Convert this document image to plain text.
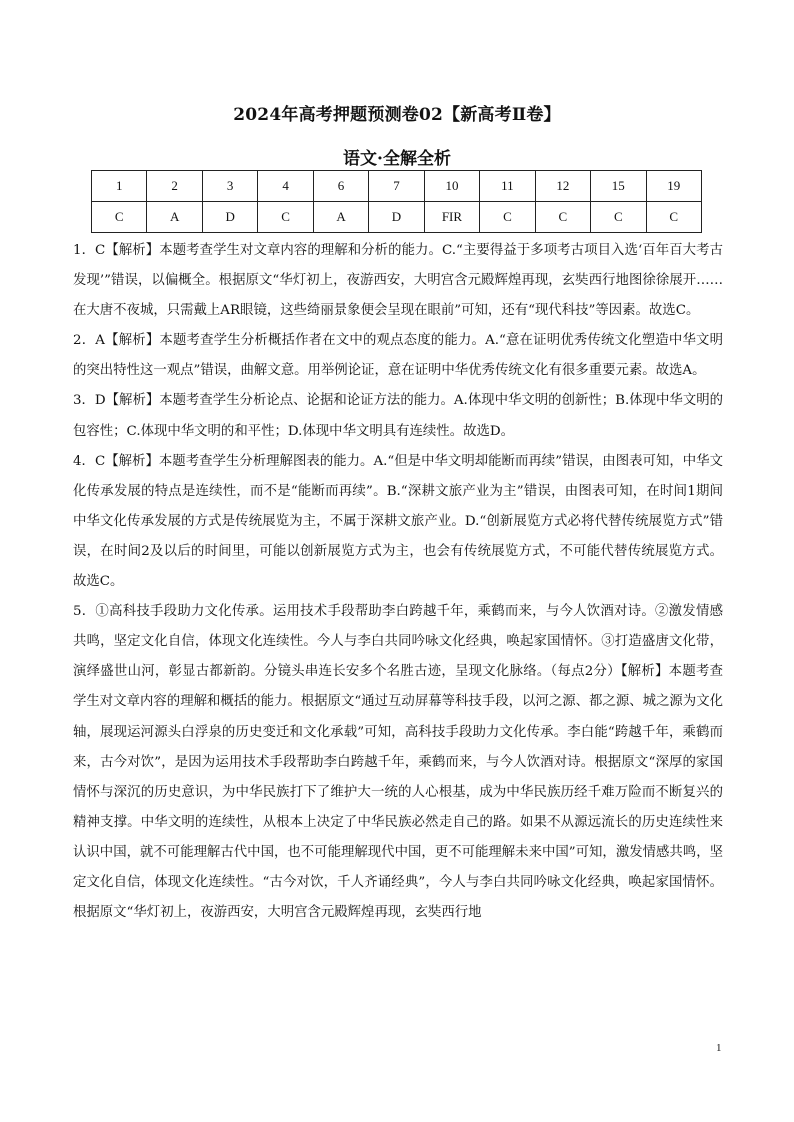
2024年高考押题预测卷02【新高考Ⅱ卷】
语文·全解全析
1	2	3	4	6	7	10	11	12	15	19
C	A	D	C	A	D	FIR	C	C	C	C

1．C【解析】本题考查学生对文章内容的理解和分析的能力。C.“主要得益于多项考古项目入选‘百年百大考古发现’”错误，以偏概全。根据原文“华灯初上，夜游西安，大明宫含元殿辉煌再现，玄奘西行地图徐徐展开……在大唐不夜城，只需戴上AR眼镜，这些绮丽景象便会呈现在眼前”可知，还有“现代科技”等因素。故选C。

2．A【解析】本题考查学生分析概括作者在文中的观点态度的能力。A.“意在证明优秀传统文化塑造中华文明的突出特性这一观点”错误，曲解文意。用举例论证，意在证明中华优秀传统文化有很多重要元素。故选A。

3．D【解析】本题考查学生分析论点、论据和论证方法的能力。A.体现中华文明的创新性；B.体现中华文明的包容性；C.体现中华文明的和平性；D.体现中华文明具有连续性。故选D。

4．C【解析】本题考查学生分析理解图表的能力。A.“但是中华文明却能断而再续”错误，由图表可知，中华文化传承发展的特点是连续性，而不是“能断而再续”。B.“深耕文旅产业为主”错误，由图表可知，在时间1期间中华文化传承发展的方式是传统展览为主，不属于深耕文旅产业。D.“创新展览方式必将代替传统展览方式”错误，在时间2及以后的时间里，可能以创新展览方式为主，也会有传统展览方式，不可能代替传统展览方式。故选C。

5．①高科技手段助力文化传承。运用技术手段帮助李白跨越千年，乘鹤而来，与今人饮酒对诗。②激发情感共鸣，坚定文化自信，体现文化连续性。今人与李白共同吟咏文化经典，唤起家国情怀。③打造盛唐文化带，演绎盛世山河，彰显古都新韵。分镜头串连长安多个名胜古迹，呈现文化脉络。（每点2分）【解析】本题考查学生对文章内容的理解和概括的能力。根据原文“通过互动屏幕等科技手段，以河之源、都之源、城之源为文化轴，展现运河源头白浮泉的历史变迁和文化承载”可知，高科技手段助力文化传承。李白能“跨越千年，乘鹤而来，古今对饮”，是因为运用技术手段帮助李白跨越千年，乘鹤而来，与今人饮酒对诗。根据原文“深厚的家国情怀与深沉的历史意识，为中华民族打下了维护大一统的人心根基，成为中华民族历经千难万险而不断复兴的精神支撑。中华文明的连续性，从根本上决定了中华民族必然走自己的路。如果不从源远流长的历史连续性来认识中国，就不可能理解古代中国，也不可能理解现代中国，更不可能理解未来中国”可知，激发情感共鸣，坚定文化自信，体现文化连续性。“古今对饮，千人齐诵经典”，今人与李白共同吟咏文化经典，唤起家国情怀。根据原文“华灯初上，夜游西安，大明宫含元殿辉煌再现，玄奘西行地

1
